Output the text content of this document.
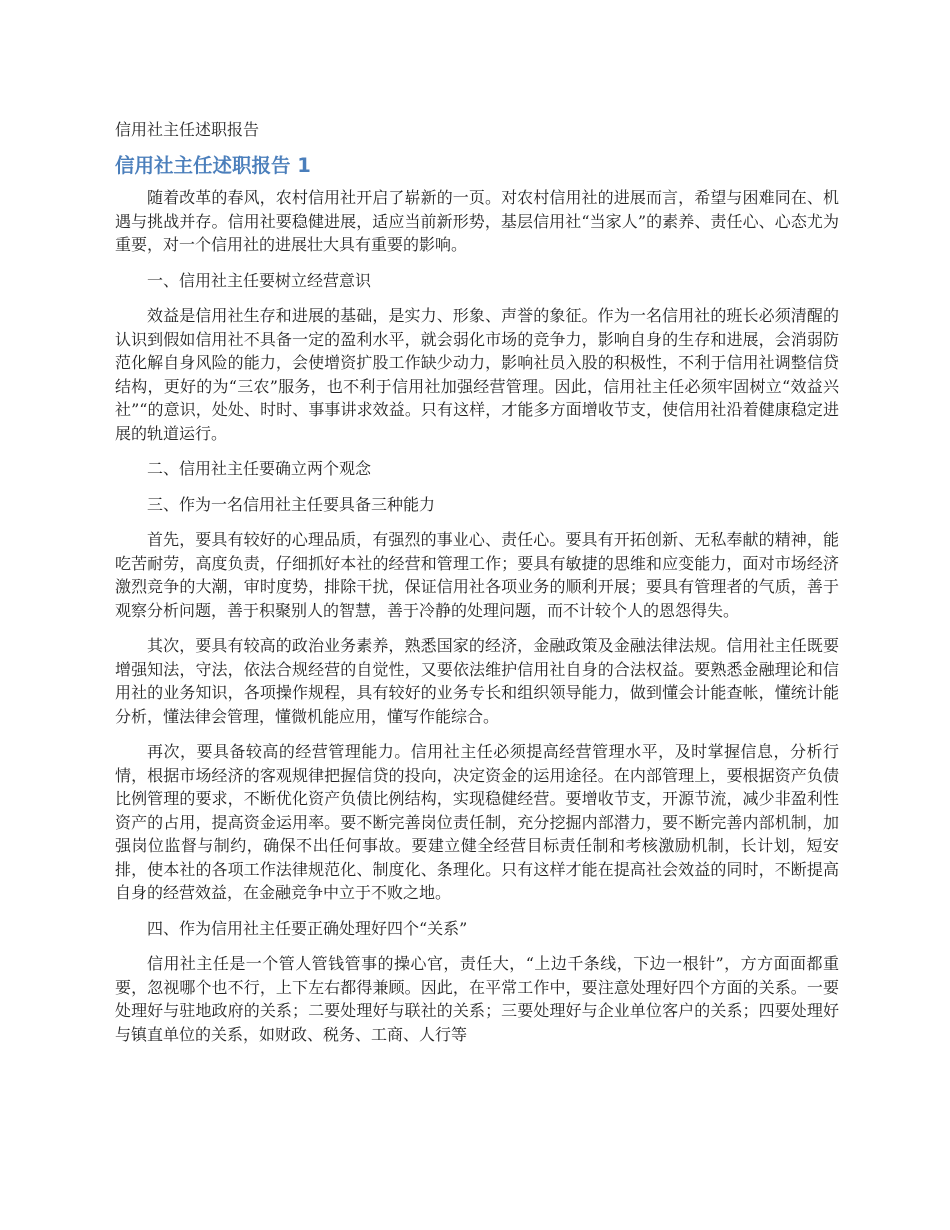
信用社主任述职报告
信用社主任述职报告 1

随着改革的春风，农村信用社开启了崭新的一页。对农村信用社的进展而言，希望与困难同在、机遇与挑战并存。信用社要稳健进展，适应当前新形势，基层信用社“当家人”的素养、责任心、心态尤为重要，对一个信用社的进展壮大具有重要的影响。

一、信用社主任要树立经营意识

效益是信用社生存和进展的基础，是实力、形象、声誉的象征。作为一名信用社的班长必须清醒的认识到假如信用社不具备一定的盈利水平，就会弱化市场的竞争力，影响自身的生存和进展，会消弱防范化解自身风险的能力，会使增资扩股工作缺少动力，影响社员入股的积极性，不利于信用社调整信贷结构，更好的为“三农”服务，也不利于信用社加强经营管理。因此，信用社主任必须牢固树立“效益兴社”“的意识，处处、时时、事事讲求效益。只有这样，才能多方面增收节支，使信用社沿着健康稳定进展的轨道运行。

二、信用社主任要确立两个观念

三、作为一名信用社主任要具备三种能力

首先，要具有较好的心理品质，有强烈的事业心、责任心。要具有开拓创新、无私奉献的精神，能吃苦耐劳，高度负责，仔细抓好本社的经营和管理工作；要具有敏捷的思维和应变能力，面对市场经济激烈竞争的大潮，审时度势，排除干扰，保证信用社各项业务的顺利开展；要具有管理者的气质，善于观察分析问题，善于积聚别人的智慧，善于冷静的处理问题，而不计较个人的恩怨得失。

其次，要具有较高的政治业务素养，熟悉国家的经济，金融政策及金融法律法规。信用社主任既要增强知法，守法，依法合规经营的自觉性，又要依法维护信用社自身的合法权益。要熟悉金融理论和信用社的业务知识，各项操作规程，具有较好的业务专长和组织领导能力，做到懂会计能查帐，懂统计能分析，懂法律会管理，懂微机能应用，懂写作能综合。

再次，要具备较高的经营管理能力。信用社主任必须提高经营管理水平，及时掌握信息，分析行情，根据市场经济的客观规律把握信贷的投向，决定资金的运用途径。在内部管理上，要根据资产负债比例管理的要求，不断优化资产负债比例结构，实现稳健经营。要增收节支，开源节流，减少非盈利性资产的占用，提高资金运用率。要不断完善岗位责任制，充分挖掘内部潜力，要不断完善内部机制，加强岗位监督与制约，确保不出任何事故。要建立健全经营目标责任制和考核激励机制，长计划，短安排，使本社的各项工作法律规范化、制度化、条理化。只有这样才能在提高社会效益的同时，不断提高自身的经营效益，在金融竞争中立于不败之地。

四、作为信用社主任要正确处理好四个“关系”

信用社主任是一个管人管钱管事的操心官，责任大，“上边千条线，下边一根针”，方方面面都重要，忽视哪个也不行，上下左右都得兼顾。因此，在平常工作中，要注意处理好四个方面的关系。一要处理好与驻地政府的关系；二要处理好与联社的关系；三要处理好与企业单位客户的关系；四要处理好与镇直单位的关系，如财政、税务、工商、人行等
